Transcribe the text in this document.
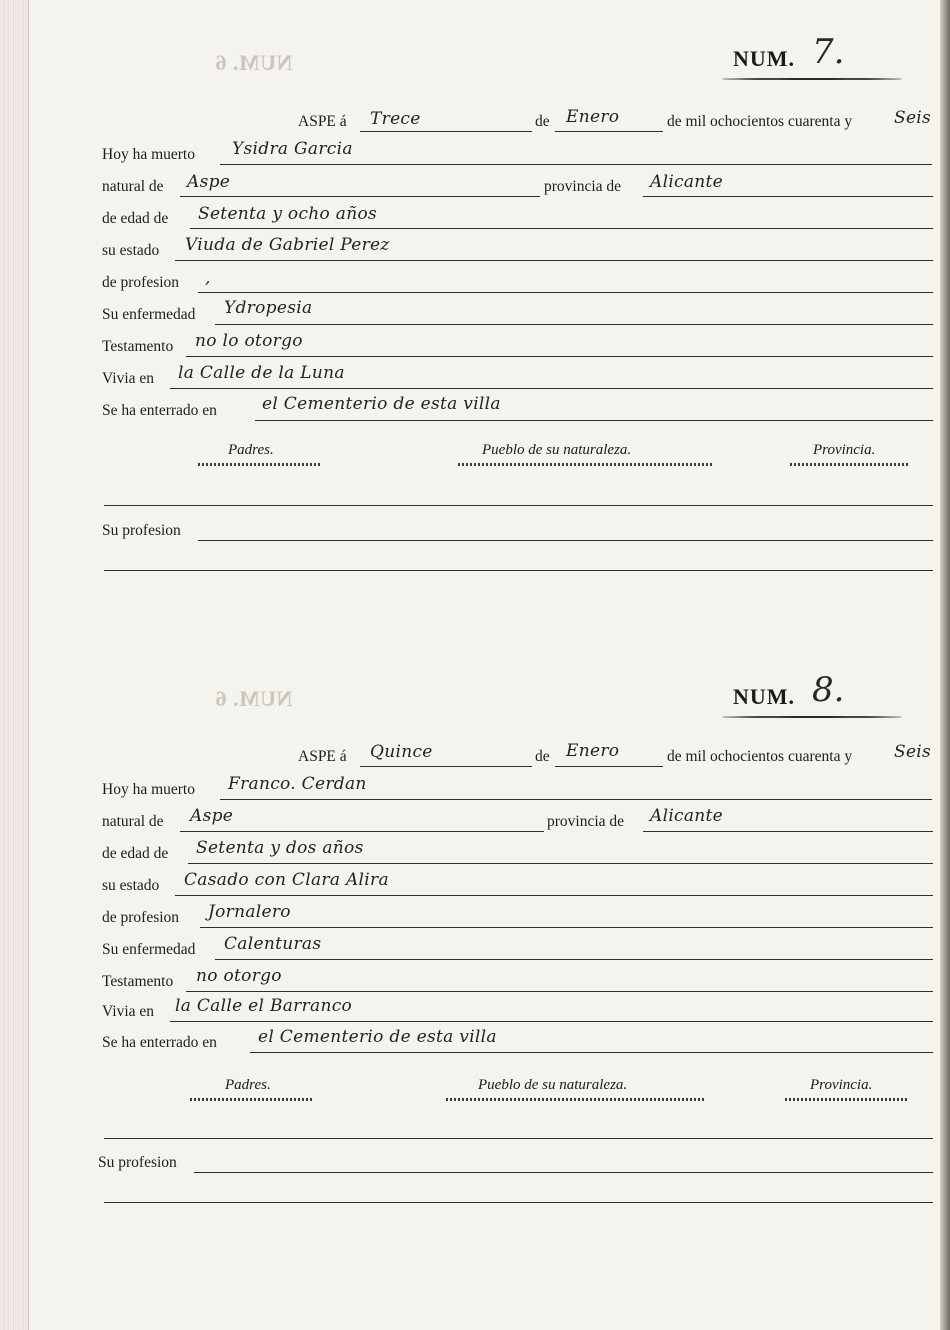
NUM. 6	NUM. 7.
ASPE á Trece	de Enero	de mil ochocientos cuarenta y Seis
Hoy ha muerto Ysidra Garcia
natural de Aspe	provincia de Alicante
de edad de Setenta y ocho años
su estado Viuda de Gabriel Perez
de profesion ,
Su enfermedad Ydropesia
Testamento no lo otorgo
Vivia en la Calle de la Luna
Se ha enterrado en	el Cementerio de esta villa
Padres.	Pueblo de su naturaleza.	Provincia.
Su profesion
NUM. 6	NUM. 8.
ASPE á Quince	de Enero	de mil ochocientos cuarenta y Seis
Hoy ha muerto Franco. Cerdan
natural de Aspe	provincia de Alicante
de edad de Setenta y dos años
su estado Casado con Clara Alira
de profesion Jornalero
Su enfermedad Calenturas
Testamento no otorgo
Vivia en la Calle el Barranco
Se ha enterrado en el Cementerio de esta villa
Padres.	Pueblo de su naturaleza.	Provincia.
Su profesion
